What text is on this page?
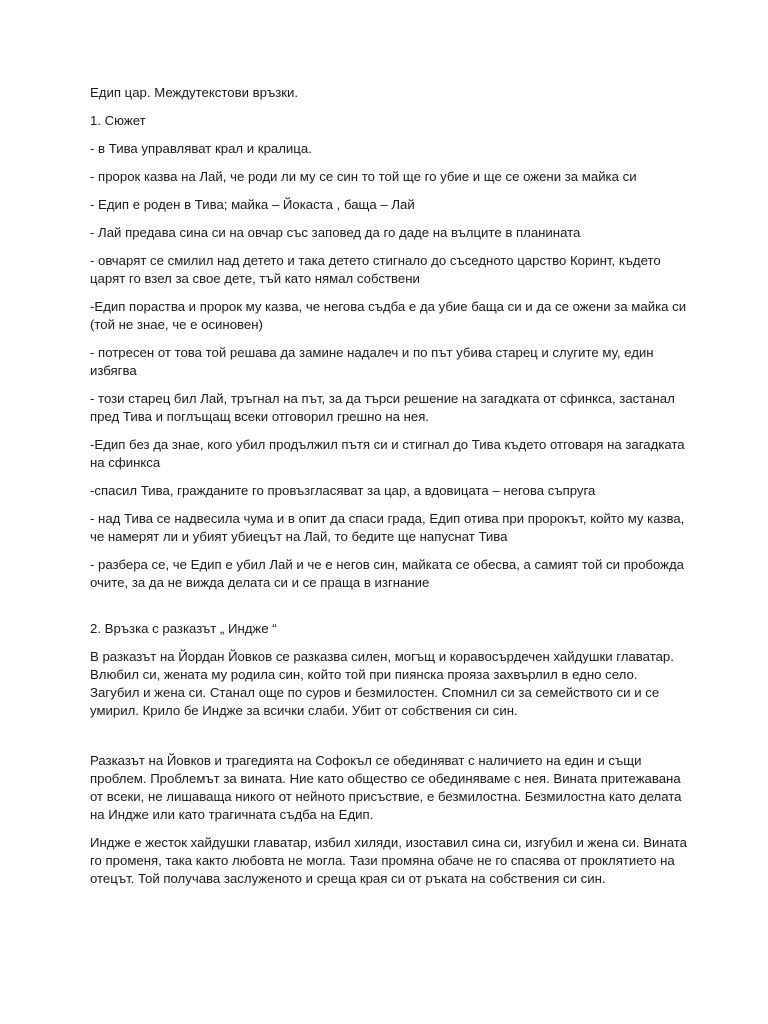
Едип цар. Междутекстови връзки.

1. Сюжет

- в Тива управляват крал и кралица.

- пророк казва на Лай, че роди ли му се син то той ще го убие и ще се ожени за майка си

- Едип е роден в Тива; майка – Йокаста , баща – Лай

- Лай предава сина си на овчар със заповед да го даде на вълците в планината

- овчарят се смилил над детето и така детето стигнало до съседното царство Коринт, където царят го взел за свое дете, тъй като нямал собствени

-Едип пораства и пророк му казва, че негова съдба е да убие баща си и да се ожени за майка си (той не знае, че е осиновен)

- потресен от това той решава да замине надалеч и по път убива старец и слугите му, един избягва

- този старец бил Лай, тръгнал на път, за да търси решение на загадката от сфинкса, застанал пред Тива и поглъщащ всеки отговорил грешно на нея.

-Едип без да знае, кого убил продължил пътя си и стигнал до Тива където отговаря на загадката на сфинкса

-спасил Тива, гражданите го провъзгласяват за цар, а вдовицата – негова съпруга

- над Тива се надвесила чума и в опит да спаси града, Едип отива при пророкът, който му казва, че намерят ли и убият убиецът на Лай, то бедите ще напуснат Тива

- разбера се, че Едип е убил Лай и че е негов син, майката се обесва, а самият той си пробожда очите, за да не вижда делата си и се праща в изгнание

2. Връзка с разказът „ Индже “

В разказът на Йордан Йовков се разказва силен, могъщ и коравосърдечен хайдушки главатар. Влюбил си, жената му родила син, който той при пиянска прояза захвърлил в едно село. Загубил и жена си. Станал още по суров и безмилостен. Спомнил си за семейството си и се умирил. Крило бе Индже за всички слаби. Убит от собствения си син.

Разказът на Йовков и трагедията на Софокъл се обединяват с наличието на един и същи проблем. Проблемът за вината. Ние като общество се обединяваме с нея. Вината притежавана от всеки, не лишаваща никого от нейното присъствие, е безмилостна. Безмилостна като делата на Индже или като трагичната съдба на Едип.

Индже е жесток хайдушки главатар, избил хиляди, изоставил сина си, изгубил и жена си. Вината го променя, така както любовта не могла. Тази промяна обаче не го спасява от проклятието на отецът. Той получава заслуженото и среща края си от ръката на собствения си син.
